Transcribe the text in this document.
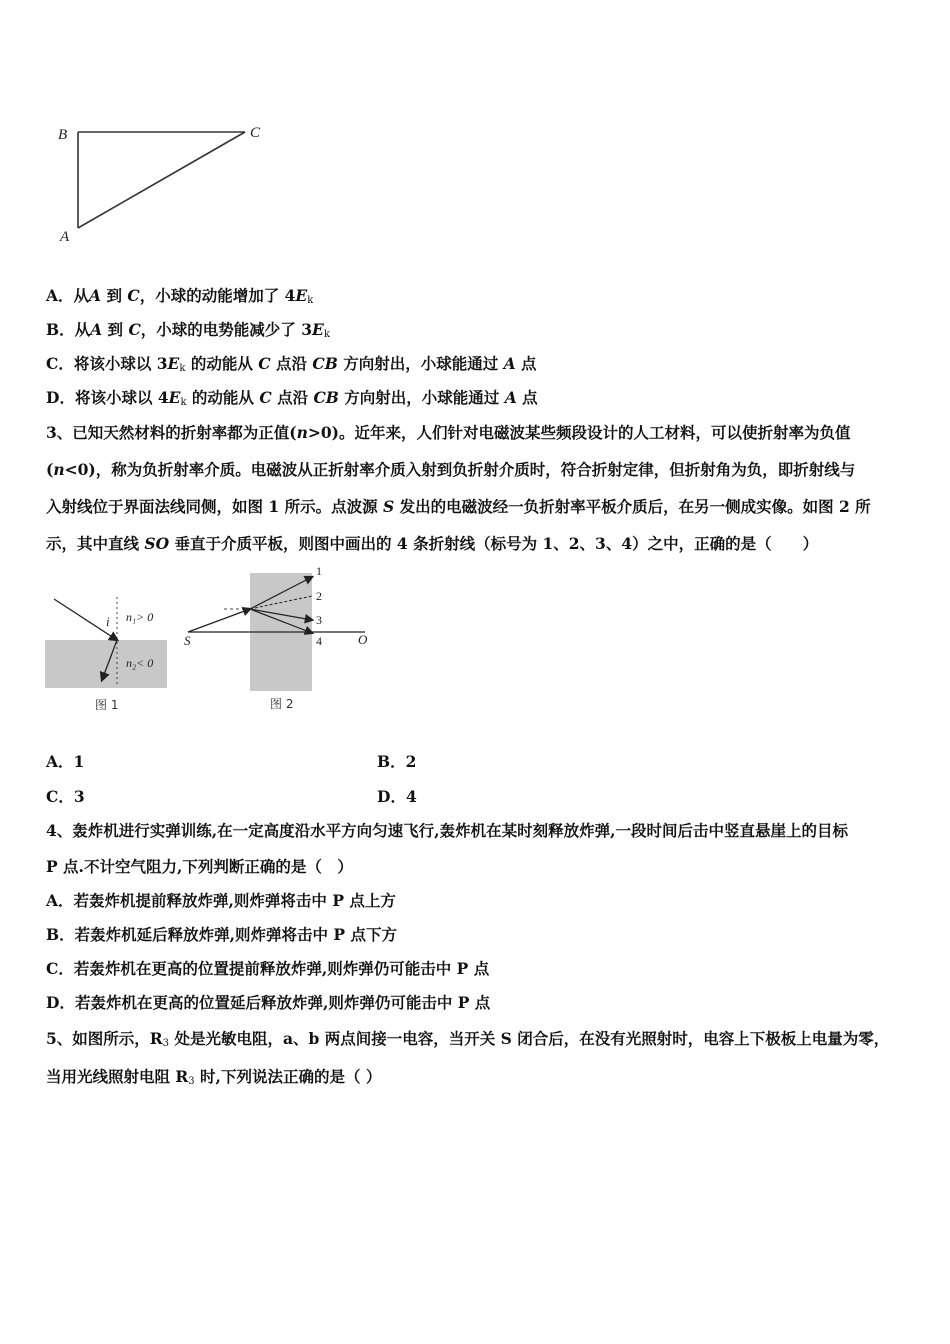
B	C
A
A．从A 到 C，小球的动能增加了 $4E_k$
B．从A 到 C，小球的电势能减少了 $3E_k$
C．将该小球以 $3E_k$ 的动能从 C 点沿 CB 方向射出，小球能通过 A 点
D．将该小球以 $4E_k$ 的动能从 C 点沿 CB 方向射出，小球能通过 A 点
3、已知天然材料的折射率都为正值(n>0)。近年来，人们针对电磁波某些频段设计的人工材料，可以使折射率为负值
(n<0)，称为负折射率介质。电磁波从正折射率介质入射到负折射介质时，符合折射定律，但折射角为负，即折射线与
入射线位于界面法线同侧，如图 1 所示。点波源 S 发出的电磁波经一负折射率平板介质后，在另一侧成实像。如图 2 所
示，其中直线 SO 垂直于介质平板，则图中画出的 4 条折射线（标号为 1、2、3、4）之中，正确的是（　　）
i n₁> 0
n₂< 0
图 1
1
2
3
4
S	O
图 2
A．1	B．2
C．3	D．4
4、轰炸机进行实弹训练,在一定高度沿水平方向匀速飞行,轰炸机在某时刻释放炸弹,一段时间后击中竖直悬崖上的目标
P 点.不计空气阻力,下列判断正确的是（　）
A．若轰炸机提前释放炸弹,则炸弹将击中 P 点上方
B．若轰炸机延后释放炸弹,则炸弹将击中 P 点下方
C．若轰炸机在更高的位置提前释放炸弹,则炸弹仍可能击中 P 点
D．若轰炸机在更高的位置延后释放炸弹,则炸弹仍可能击中 P 点
5、如图所示，$R_3$ 处是光敏电阻，a、b 两点间接一电容，当开关 S 闭合后，在没有光照射时，电容上下极板上电量为零，
当用光线照射电阻 $R_3$ 时,下列说法正确的是（ ）
